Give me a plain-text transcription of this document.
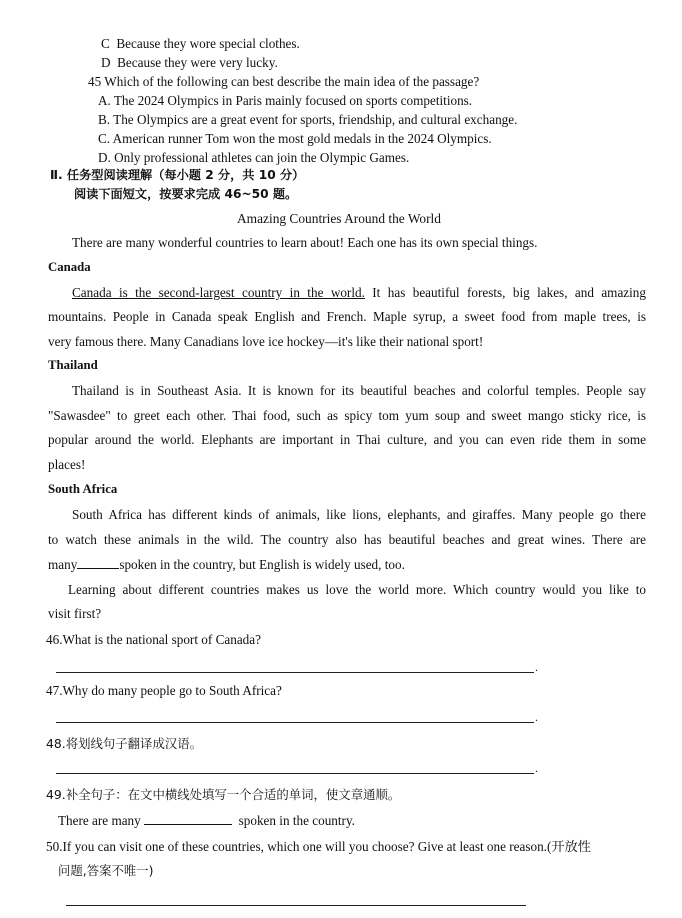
C Because they wore special clothes.
D Because they were very lucky.
45 Which of the following can best describe the main idea of the passage?
A. The 2024 Olympics in Paris mainly focused on sports competitions.
B. The Olympics are a great event for sports, friendship, and cultural exchange.
C. American runner Tom won the most gold medals in the 2024 Olympics.
D. Only professional athletes can join the Olympic Games.
Ⅱ. 任务型阅读理解（每小题 2 分，共 10 分）
阅读下面短文，按要求完成 46~50 题。
Amazing Countries Around the World
There are many wonderful countries to learn about! Each one has its own special things.
Canada
Canada is the second-largest country in the world. It has beautiful forests, big lakes, and amazing
mountains. People in Canada speak English and French. Maple syrup, a sweet food from maple trees, is
very famous there. Many Canadians love ice hockey—it's like their national sport!
Thailand
Thailand is in Southeast Asia. It is known for its beautiful beaches and colorful temples. People say
"Sawasdee" to greet each other. Thai food, such as spicy tom yum soup and sweet mango sticky rice, is
popular around the world. Elephants are important in Thai culture, and you can even ride them in some
places!
South Africa
South Africa has different kinds of animals, like lions, elephants, and giraffes. Many people go there
to watch these animals in the wild. The country also has beautiful beaches and great wines. There are
many	spoken in the country, but English is widely used, too.
Learning about different countries makes us love the world more. Which country would you like to
visit first?
46.What is the national sport of Canada?
.
47.Why do many people go to South Africa?
.
48.将划线句子翻译成汉语。
.
49.补全句子：在文中横线处填写一个合适的单词，使文章通顺。
There are many	spoken in the country.
50.If you can visit one of these countries, which one will you choose? Give at least one reason.(开放性
问题,答案不唯一)
